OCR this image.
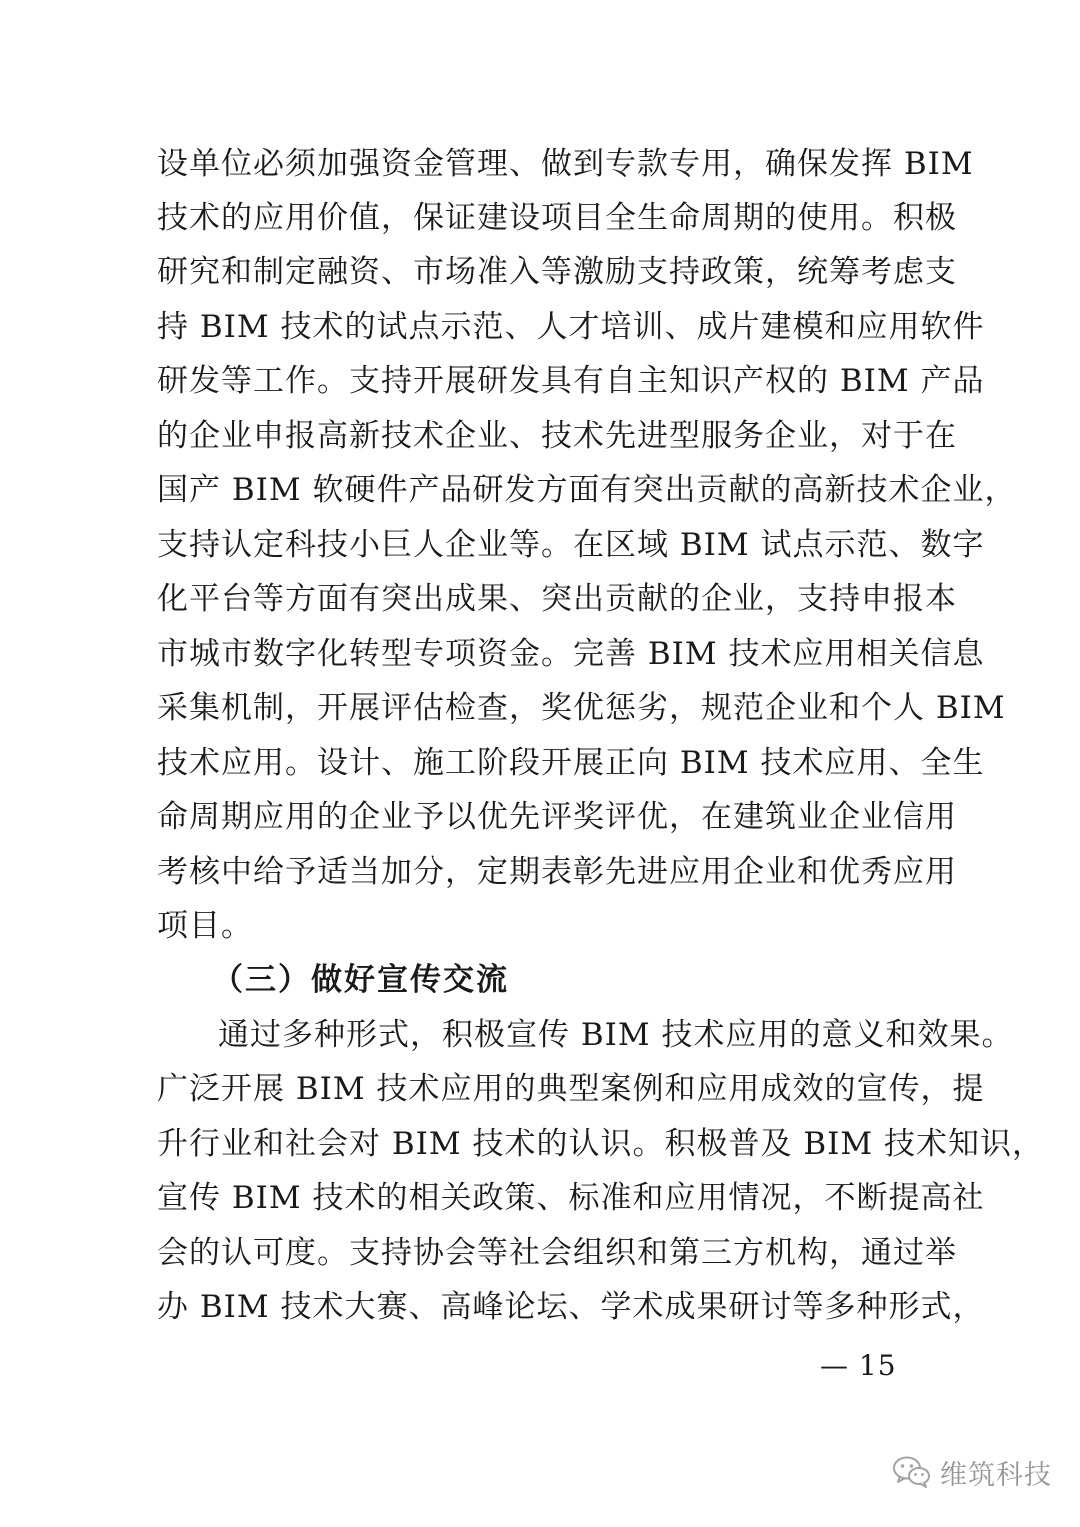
设单位必须加强资金管理、做到专款专用，确保发挥 BIM
技术的应用价值，保证建设项目全生命周期的使用。积极
研究和制定融资、市场准入等激励支持政策，统筹考虑支
持 BIM 技术的试点示范、人才培训、成片建模和应用软件
研发等工作。支持开展研发具有自主知识产权的 BIM 产品
的企业申报高新技术企业、技术先进型服务企业，对于在
国产 BIM 软硬件产品研发方面有突出贡献的高新技术企业，
支持认定科技小巨人企业等。在区域 BIM 试点示范、数字
化平台等方面有突出成果、突出贡献的企业，支持申报本
市城市数字化转型专项资金。完善 BIM 技术应用相关信息
采集机制，开展评估检查，奖优惩劣，规范企业和个人 BIM
技术应用。设计、施工阶段开展正向 BIM 技术应用、全生
命周期应用的企业予以优先评奖评优，在建筑业企业信用
考核中给予适当加分，定期表彰先进应用企业和优秀应用
项目。
（三）做好宣传交流
通过多种形式，积极宣传 BIM 技术应用的意义和效果。
广泛开展 BIM 技术应用的典型案例和应用成效的宣传，提
升行业和社会对 BIM 技术的认识。积极普及 BIM 技术知识，
宣传 BIM 技术的相关政策、标准和应用情况，不断提高社
会的认可度。支持协会等社会组织和第三方机构，通过举
办 BIM 技术大赛、高峰论坛、学术成果研讨等多种形式，
— 15
维筑科技
